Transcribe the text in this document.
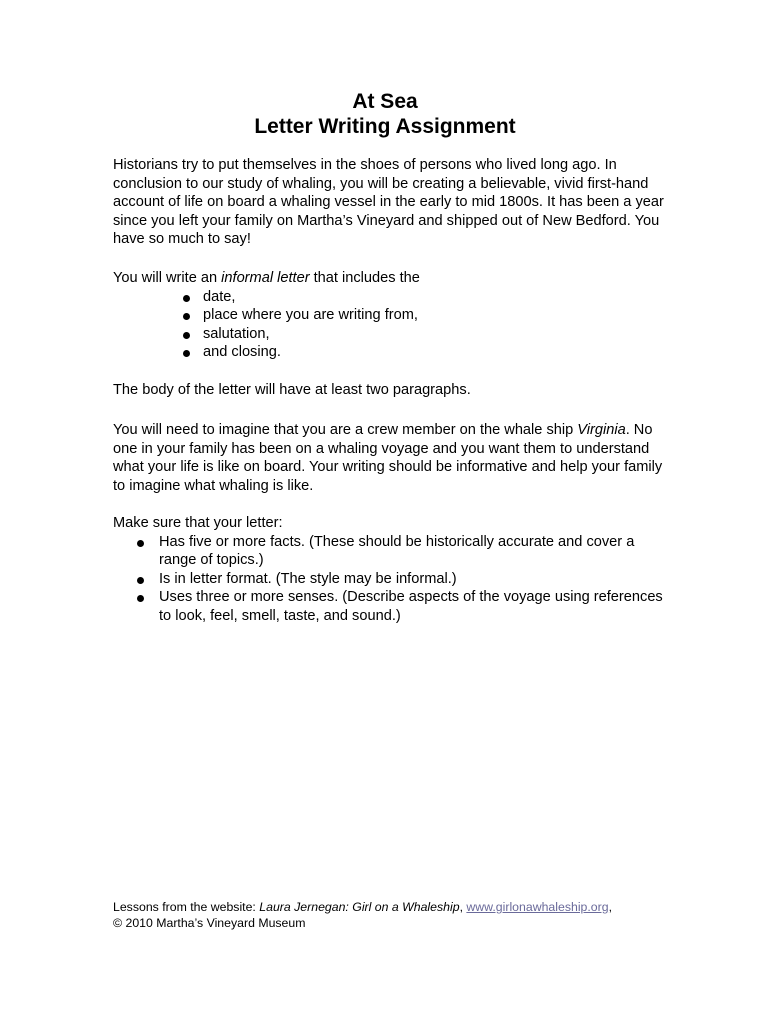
At Sea
Letter Writing Assignment

Historians try to put themselves in the shoes of persons who lived long ago. In conclusion to our study of whaling, you will be creating a believable, vivid first-hand account of life on board a whaling vessel in the early to mid 1800s. It has been a year since you left your family on Martha’s Vineyard and shipped out of New Bedford. You have so much to say!

You will write an informal letter that includes the

date,
place where you are writing from,
salutation,
and closing.

The body of the letter will have at least two paragraphs.

You will need to imagine that you are a crew member on the whale ship Virginia. No one in your family has been on a whaling voyage and you want them to understand what your life is like on board. Your writing should be informative and help your family to imagine what whaling is like.

Make sure that your letter:

Has five or more facts. (These should be historically accurate and cover a range of topics.)
Is in letter format. (The style may be informal.)
Uses three or more senses. (Describe aspects of the voyage using references to look, feel, smell, taste, and sound.)
Lessons from the website: Laura Jernegan: Girl on a Whaleship, www.girlonawhaleship.org,
© 2010 Martha’s Vineyard Museum
